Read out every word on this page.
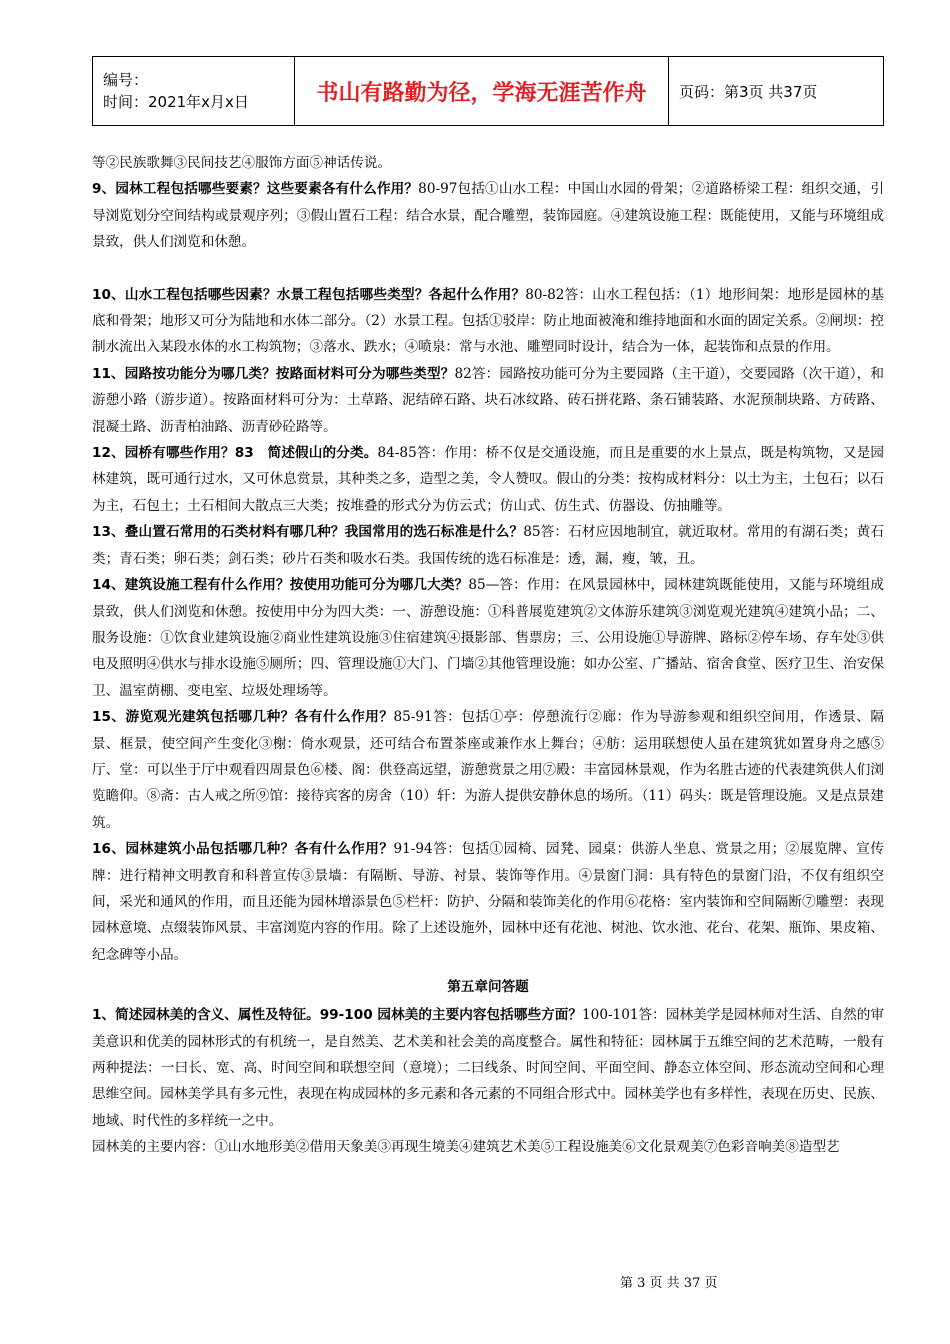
编号：
时间：2021年x月x日	书山有路勤为径，学海无涯苦作舟 页码：第3页 共37页

等②民族歌舞③民间技艺④服饰方面⑤神话传说。

9、园林工程包括哪些要素？这些要素各有什么作用？80-97包括①山水工程：中国山水园的骨架；②道路桥梁工程：组织交通，引导浏览划分空间结构或景观序列；③假山置石工程：结合水景，配合雕塑，装饰园庭。④建筑设施工程：既能使用，又能与环境组成景致，供人们浏览和休憩。

10、山水工程包括哪些因素？水景工程包括哪些类型？各起什么作用？80-82答：山水工程包括：（1）地形间架：地形是园林的基底和骨架；地形又可分为陆地和水体二部分。（2）水景工程。包括①驳岸：防止地面被淹和维持地面和水面的固定关系。②闸坝：控制水流出入某段水体的水工构筑物；③落水、跌水；④喷泉：常与水池、雕塑同时设计，结合为一体，起装饰和点景的作用。

11、园路按功能分为哪几类？按路面材料可分为哪些类型？82答：园路按功能可分为主要园路（主干道），交要园路（次干道），和游憩小路（游步道）。按路面材料可分为：土草路、泥结碎石路、块石冰纹路、砖石拼花路、条石铺装路、水泥预制块路、方砖路、混凝土路、沥青柏油路、沥青砂砼路等。

12、园桥有哪些作用？83　简述假山的分类。84-85答：作用：桥不仅是交通设施，而且是重要的水上景点，既是构筑物，又是园林建筑，既可通行过水，又可休息赏景，其种类之多，造型之美，令人赞叹。假山的分类：按构成材料分：以土为主，土包石；以石为主，石包土；土石相间大散点三大类；按堆叠的形式分为仿云式；仿山式、仿生式、仿器设、仿抽雕等。

13、叠山置石常用的石类材料有哪几种？我国常用的选石标准是什么？85答：石材应因地制宜，就近取材。常用的有湖石类；黄石类；青石类；卵石类；剑石类；砂片石类和吸水石类。我国传统的选石标准是：透，漏，瘦，皱，丑。

14、建筑设施工程有什么作用？按使用功能可分为哪几大类？85—答：作用：在风景园林中，园林建筑既能使用，又能与环境组成景致，供人们浏览和休憩。按使用中分为四大类：一、游憩设施：①科普展览建筑②文体游乐建筑③浏览观光建筑④建筑小品；二、服务设施：①饮食业建筑设施②商业性建筑设施③住宿建筑④摄影部、售票房；三、公用设施①导游牌、路标②停车场、存车处③供电及照明④供水与排水设施⑤厕所；四、管理设施①大门、门墙②其他管理设施：如办公室、广播站、宿舍食堂、医疗卫生、治安保卫、温室荫棚、变电室、垃圾处理场等。

15、游览观光建筑包括哪几种？各有什么作用？85-91答：包括①亭：停憩流行②廊：作为导游参观和组织空间用，作透景、隔景、框景，使空间产生变化③榭：倚水观景，还可结合布置茶座或兼作水上舞台；④舫：运用联想使人虽在建筑犹如置身舟之感⑤厅、堂：可以坐于厅中观看四周景色⑥楼、阁：供登高远望，游憩赏景之用⑦殿：丰富园林景观，作为名胜古迹的代表建筑供人们浏览瞻仰。⑧斋：古人戒之所⑨馆：接待宾客的房舍（10）轩：为游人提供安静休息的场所。（11）码头：既是管理设施。又是点景建筑。

16、园林建筑小品包括哪几种？各有什么作用？91-94答：包括①园椅、园凳、园桌：供游人坐息、赏景之用；②展览牌、宣传牌：进行精神文明教育和科普宣传③景墙：有隔断、导游、衬景、装饰等作用。④景窗门洞：具有特色的景窗门沿，不仅有组织空间，采光和通风的作用，而且还能为园林增添景色⑤栏杆：防护、分隔和装饰美化的作用⑥花格：室内装饰和空间隔断⑦雕塑：表现园林意境、点缀装饰风景、丰富浏览内容的作用。除了上述设施外，园林中还有花池、树池、饮水池、花台、花架、瓶饰、果皮箱、纪念碑等小品。

第五章问答题

1、简述园林美的含义、属性及特征。99-100 园林美的主要内容包括哪些方面？100-101答：园林美学是园林师对生活、自然的审美意识和优美的园林形式的有机统一，是自然美、艺术美和社会美的高度整合。属性和特征：园林属于五维空间的艺术范畴，一般有两种提法：一曰长、宽、高、时间空间和联想空间（意境）；二曰线条、时间空间、平面空间、静态立体空间、形态流动空间和心理思维空间。园林美学具有多元性，表现在构成园林的多元素和各元素的不同组合形式中。园林美学也有多样性，表现在历史、民族、地域、时代性的多样统一之中。

园林美的主要内容：①山水地形美②借用天象美③再现生境美④建筑艺术美⑤工程设施美⑥文化景观美⑦色彩音响美⑧造型艺

第 3 页 共 37 页
